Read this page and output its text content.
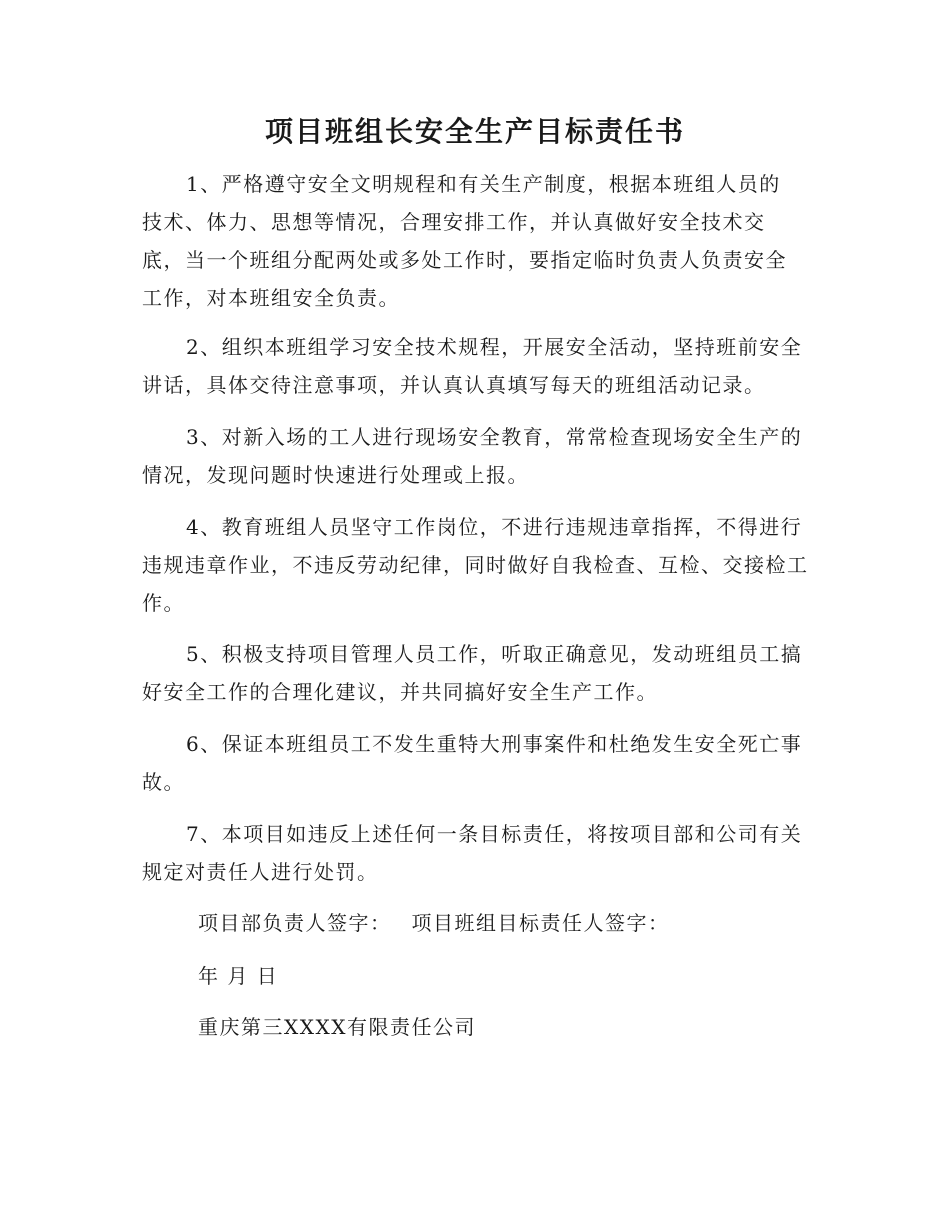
项目班组长安全生产目标责任书

1、严格遵守安全文明规程和有关生产制度，根据本班组人员的技术、体力、思想等情况，合理安排工作，并认真做好安全技术交底，当一个班组分配两处或多处工作时，要指定临时负责人负责安全工作，对本班组安全负责。

2、组织本班组学习安全技术规程，开展安全活动，坚持班前安全讲话，具体交待注意事项，并认真认真填写每天的班组活动记录。

3、对新入场的工人进行现场安全教育，常常检查现场安全生产的情况，发现问题时快速进行处理或上报。

4、教育班组人员坚守工作岗位，不进行违规违章指挥，不得进行违规违章作业，不违反劳动纪律，同时做好自我检查、互检、交接检工作。

5、积极支持项目管理人员工作，听取正确意见，发动班组员工搞好安全工作的合理化建议，并共同搞好安全生产工作。

6、保证本班组员工不发生重特大刑事案件和杜绝发生安全死亡事故。

7、本项目如违反上述任何一条目标责任，将按项目部和公司有关规定对责任人进行处罚。

项目部负责人签字： 项目班组目标责任人签字：

年 月 日

重庆第三XXXX有限责任公司
